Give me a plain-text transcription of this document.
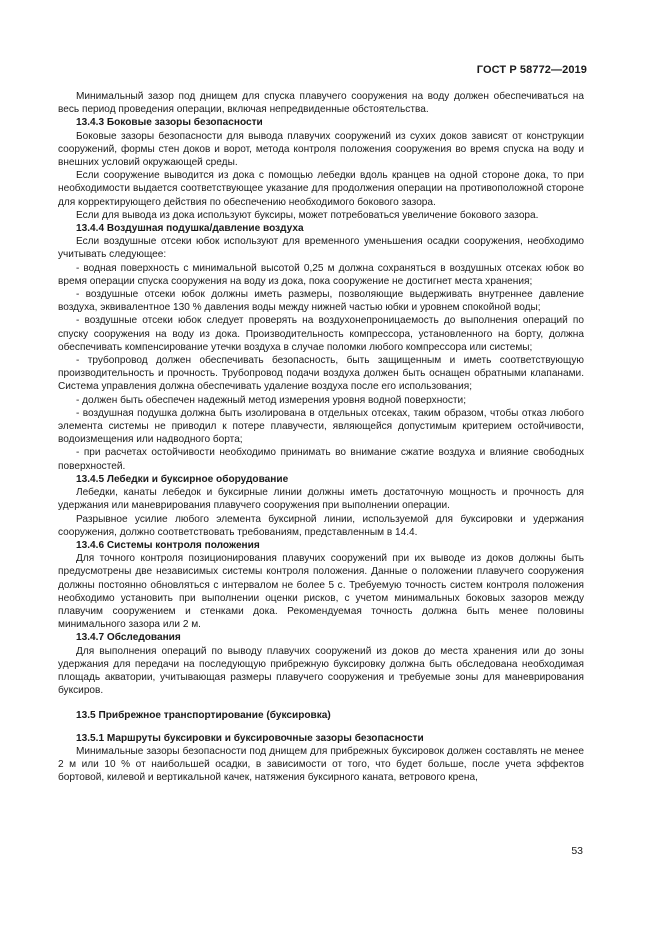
ГОСТ Р 58772—2019

Минимальный зазор под днищем для спуска плавучего сооружения на воду должен обеспечиваться на весь период проведения операции, включая непредвиденные обстоятельства.

13.4.3 Боковые зазоры безопасности

Боковые зазоры безопасности для вывода плавучих сооружений из сухих доков зависят от конструкции сооружений, формы стен доков и ворот, метода контроля положения сооружения во время спуска на воду и внешних условий окружающей среды.

Если сооружение выводится из дока с помощью лебедки вдоль кранцев на одной стороне дока, то при необходимости выдается соответствующее указание для продолжения операции на противоположной стороне для корректирующего действия по обеспечению необходимого бокового зазора.

Если для вывода из дока используют буксиры, может потребоваться увеличение бокового зазора.

13.4.4 Воздушная подушка/давление воздуха

Если воздушные отсеки юбок используют для временного уменьшения осадки сооружения, необходимо учитывать следующее:

- водная поверхность с минимальной высотой 0,25 м должна сохраняться в воздушных отсеках юбок во время операции спуска сооружения на воду из дока, пока сооружение не достигнет места хранения;

- воздушные отсеки юбок должны иметь размеры, позволяющие выдерживать внутреннее давление воздуха, эквивалентное 130 % давления воды между нижней частью юбки и уровнем спокойной воды;

- воздушные отсеки юбок следует проверять на воздухонепроницаемость до выполнения операций по спуску сооружения на воду из дока. Производительность компрессора, установленного на борту, должна обеспечивать компенсирование утечки воздуха в случае поломки любого компрессора или системы;

- трубопровод должен обеспечивать безопасность, быть защищенным и иметь соответствующую производительность и прочность. Трубопровод подачи воздуха должен быть оснащен обратными клапанами. Система управления должна обеспечивать удаление воздуха после его использования;

- должен быть обеспечен надежный метод измерения уровня водной поверхности;

- воздушная подушка должна быть изолирована в отдельных отсеках, таким образом, чтобы отказ любого элемента системы не приводил к потере плавучести, являющейся допустимым критерием остойчивости, водоизмещения или надводного борта;

- при расчетах остойчивости необходимо принимать во внимание сжатие воздуха и влияние свободных поверхностей.

13.4.5 Лебедки и буксирное оборудование

Лебедки, канаты лебедок и буксирные линии должны иметь достаточную мощность и прочность для удержания или маневрирования плавучего сооружения при выполнении операции.

Разрывное усилие любого элемента буксирной линии, используемой для буксировки и удержания сооружения, должно соответствовать требованиям, представленным в 14.4.

13.4.6 Системы контроля положения

Для точного контроля позиционирования плавучих сооружений при их выводе из доков должны быть предусмотрены две независимых системы контроля положения. Данные о положении плавучего сооружения должны постоянно обновляться с интервалом не более 5 с. Требуемую точность систем контроля положения необходимо установить при выполнении оценки рисков, с учетом минимальных боковых зазоров между плавучим сооружением и стенками дока. Рекомендуемая точность должна быть менее половины минимального зазора или 2 м.

13.4.7 Обследования

Для выполнения операций по выводу плавучих сооружений из доков до места хранения или до зоны удержания для передачи на последующую прибрежную буксировку должна быть обследована необходимая площадь акватории, учитывающая размеры плавучего сооружения и требуемые зоны для маневрирования буксиров.

13.5 Прибрежное транспортирование (буксировка)
13.5.1 Маршруты буксировки и буксировочные зазоры безопасности

Минимальные зазоры безопасности под днищем для прибрежных буксировок должен составлять не менее 2 м или 10 % от наибольшей осадки, в зависимости от того, что будет больше, после учета эффектов бортовой, килевой и вертикальной качек, натяжения буксирного каната, ветрового крена,

53
